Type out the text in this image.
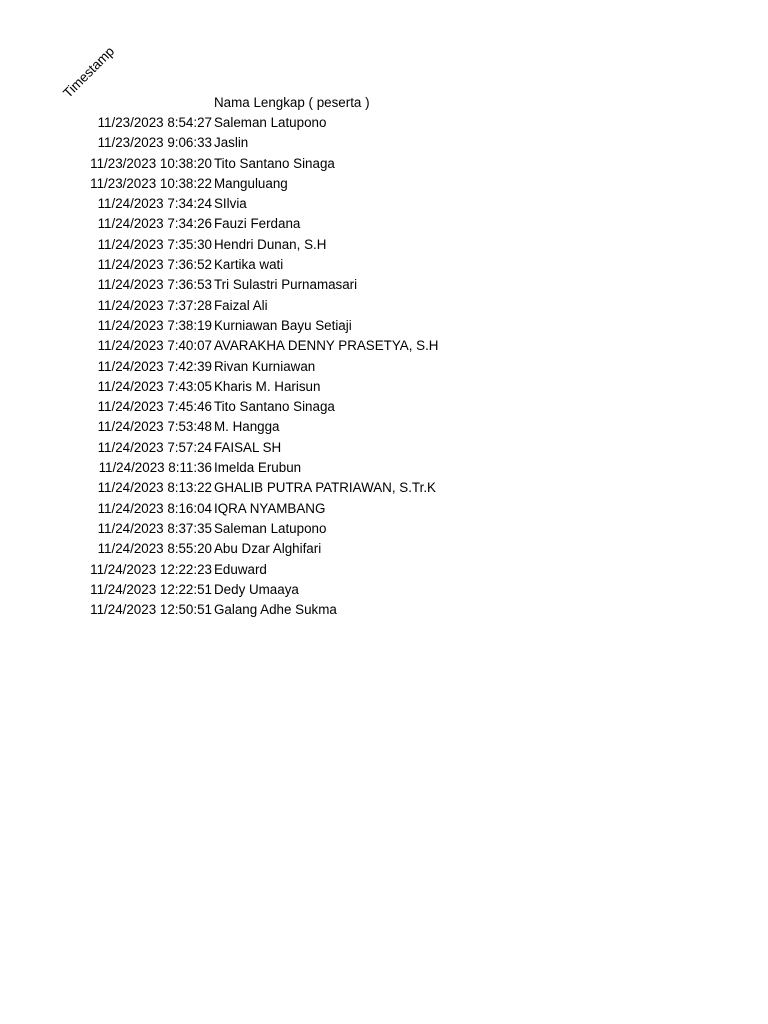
Timestamp
Nama Lengkap ( peserta )
11/23/2023 8:54:27 Saleman Latupono
11/23/2023 9:06:33 Jaslin
11/23/2023 10:38:20 Tito Santano Sinaga
11/23/2023 10:38:22 Manguluang
11/24/2023 7:34:24 SIlvia
11/24/2023 7:34:26 Fauzi Ferdana
11/24/2023 7:35:30 Hendri Dunan, S.H
11/24/2023 7:36:52 Kartika wati
11/24/2023 7:36:53 Tri Sulastri Purnamasari
11/24/2023 7:37:28 Faizal Ali
11/24/2023 7:38:19 Kurniawan Bayu Setiaji
11/24/2023 7:40:07 AVARAKHA DENNY PRASETYA, S.H
11/24/2023 7:42:39 Rivan Kurniawan
11/24/2023 7:43:05 Kharis M. Harisun
11/24/2023 7:45:46 Tito Santano Sinaga
11/24/2023 7:53:48 M. Hangga
11/24/2023 7:57:24 FAISAL SH
11/24/2023 8:11:36 Imelda Erubun
11/24/2023 8:13:22 GHALIB PUTRA PATRIAWAN, S.Tr.K
11/24/2023 8:16:04 IQRA NYAMBANG
11/24/2023 8:37:35 Saleman Latupono
11/24/2023 8:55:20 Abu Dzar Alghifari
11/24/2023 12:22:23 Eduward
11/24/2023 12:22:51 Dedy Umaaya
11/24/2023 12:50:51 Galang Adhe Sukma
